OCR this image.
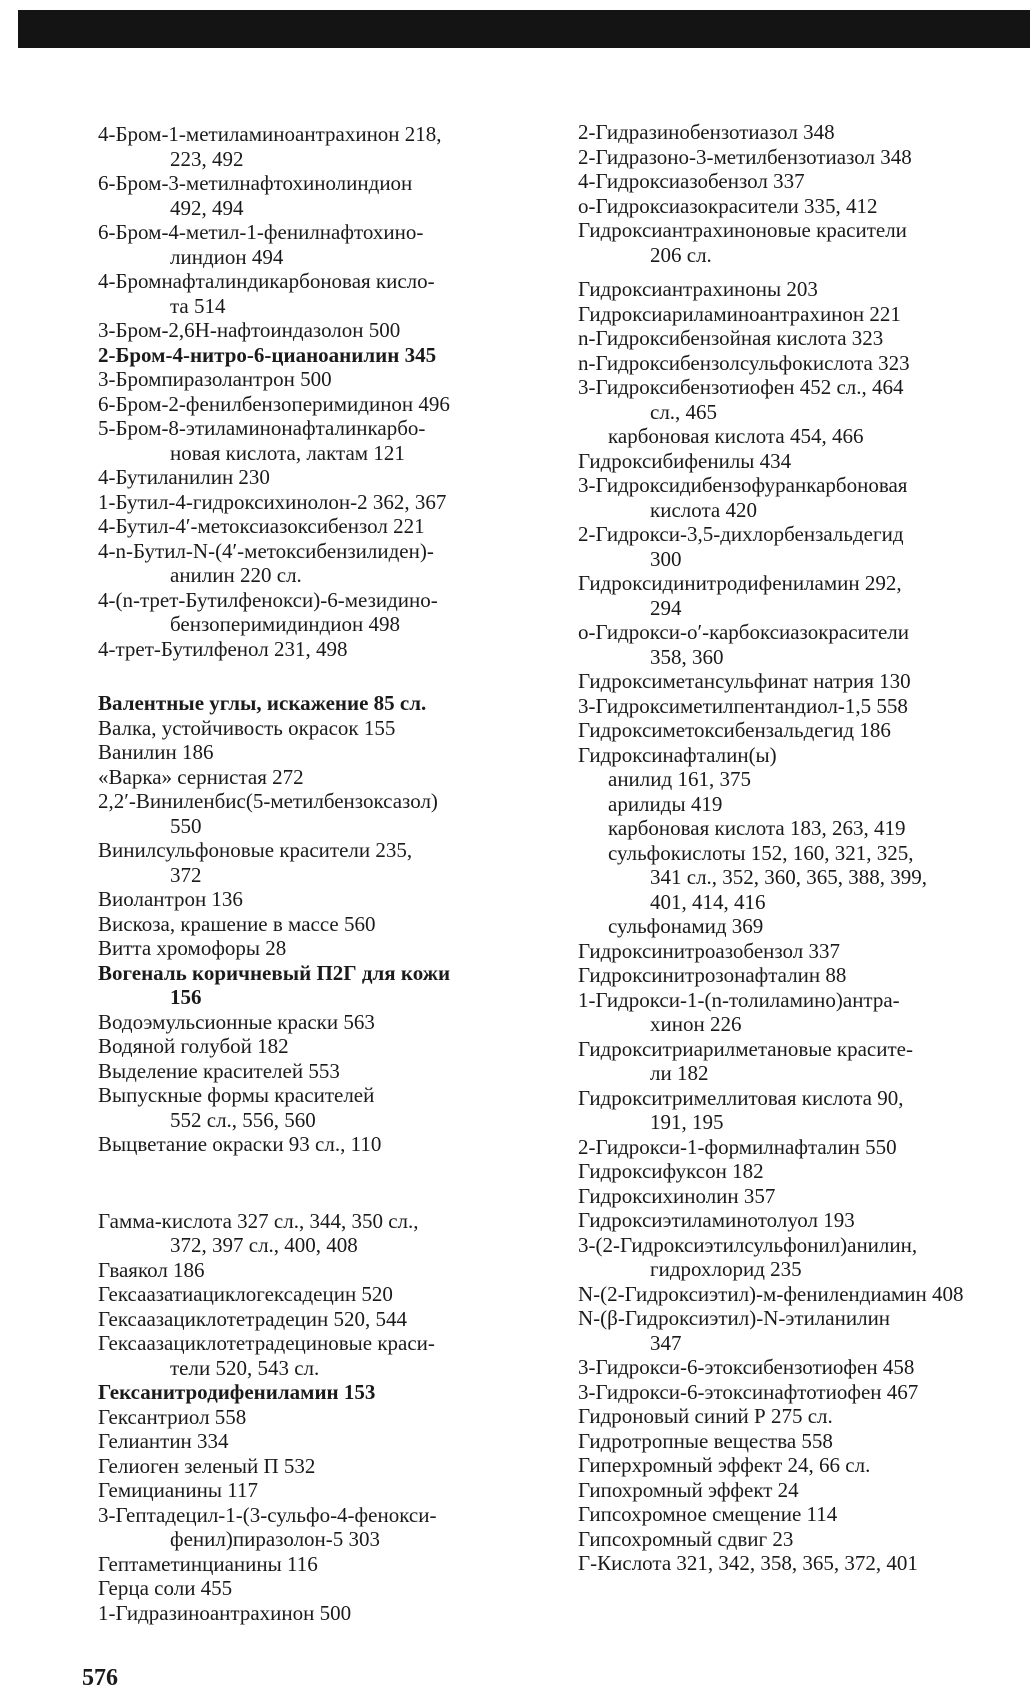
4-Бром-1-метиламиноантрахинон 218,
223, 492
6-Бром-3-метилнафтохинолиндион
492, 494
6-Бром-4-метил-1-фенилнафтохино-
линдион 494
4-Бромнафталиндикарбоновая кисло-
та 514
3-Бром-2,6H-нафтоиндазолон 500
2-Бром-4-нитро-6-цианоанилин 345
3-Бромпиразолантрон 500
6-Бром-2-фенилбензоперимидинон 496
5-Бром-8-этиламинонафталинкарбо-
новая кислота, лактам 121
4-Бутиланилин 230
1-Бутил-4-гидроксихинолон-2 362, 367
4-Бутил-4′-метоксиазоксибензол 221
4-n-Бутил-N-(4′-метоксибензилиден)-
анилин 220 сл.
4-(n-трет-Бутилфенокси)-6-мезидино-
бензоперимидиндион 498
4-трет-Бутилфенол 231, 498
Валентные углы, искажение 85 сл.
Валка, устойчивость окрасок 155
Ванилин 186
«Варка» сернистая 272
2,2′-Виниленбис(5-метилбензоксазол)
550
Винилсульфоновые красители 235,
372
Виолантрон 136
Вискоза, крашение в массе 560
Витта хромофоры 28
Вогеналь коричневый П2Г для кожи
156
Водоэмульсионные краски 563
Водяной голубой 182
Выделение красителей 553
Выпускные формы красителей
552 сл., 556, 560
Выцветание окраски 93 сл., 110
Гамма-кислота 327 сл., 344, 350 сл.,
372, 397 сл., 400, 408
Гваякол 186
Гексаазатиациклогексадецин 520
Гексаазациклотетрадецин 520, 544
Гексаазациклотетрадециновые краси-
тели 520, 543 сл.
Гексанитродифениламин 153
Гексантриол 558
Гелиантин 334
Гелиоген зеленый П 532
Гемицианины 117
3-Гептадецил-1-(3-сульфо-4-фенокси-
фенил)пиразолон-5 303
Гептаметинцианины 116
Герца соли 455
1-Гидразиноантрахинон 500
2-Гидразинобензотиазол 348
2-Гидразоно-3-метилбензотиазол 348
4-Гидроксиазобензол 337
o-Гидроксиазокрасители 335, 412
Гидроксиантрахиноновые красители
206 сл.
Гидроксиантрахиноны 203
Гидроксиариламиноантрахинон 221
n-Гидроксибензойная кислота 323
n-Гидроксибензолсульфокислота 323
3-Гидроксибензотиофен 452 сл., 464
сл., 465
карбоновая кислота 454, 466
Гидроксибифенилы 434
3-Гидроксидибензофуранкарбоновая
кислота 420
2-Гидрокси-3,5-дихлорбензальдегид
300
Гидроксидинитродифениламин 292,
294
o-Гидрокси-o′-карбоксиазокрасители
358, 360
Гидроксиметансульфинат натрия 130
3-Гидроксиметилпентандиол-1,5 558
Гидроксиметоксибензальдегид 186
Гидроксинафталин(ы)
анилид 161, 375
арилиды 419
карбоновая кислота 183, 263, 419
сульфокислоты 152, 160, 321, 325,
341 сл., 352, 360, 365, 388, 399,
401, 414, 416
сульфонамид 369
Гидроксинитроазобензол 337
Гидроксинитрозонафталин 88
1-Гидрокси-1-(n-толиламино)антра-
хинон 226
Гидрокситриарилметановые красите-
ли 182
Гидрокситримеллитовая кислота 90,
191, 195
2-Гидрокси-1-формилнафталин 550
Гидроксифуксон 182
Гидроксихинолин 357
Гидроксиэтиламинотолуол 193
3-(2-Гидроксиэтилсульфонил)анилин,
гидрохлорид 235
N-(2-Гидроксиэтил)-м-фенилендиамин 408
N-(β-Гидроксиэтил)-N-этиланилин
347
3-Гидрокси-6-этоксибензотиофен 458
3-Гидрокси-6-этоксинафтотиофен 467
Гидроновый синий Р 275 сл.
Гидротропные вещества 558
Гиперхромный эффект 24, 66 сл.
Гипохромный эффект 24
Гипсохромное смещение 114
Гипсохромный сдвиг 23
Г-Кислота 321, 342, 358, 365, 372, 401
576
